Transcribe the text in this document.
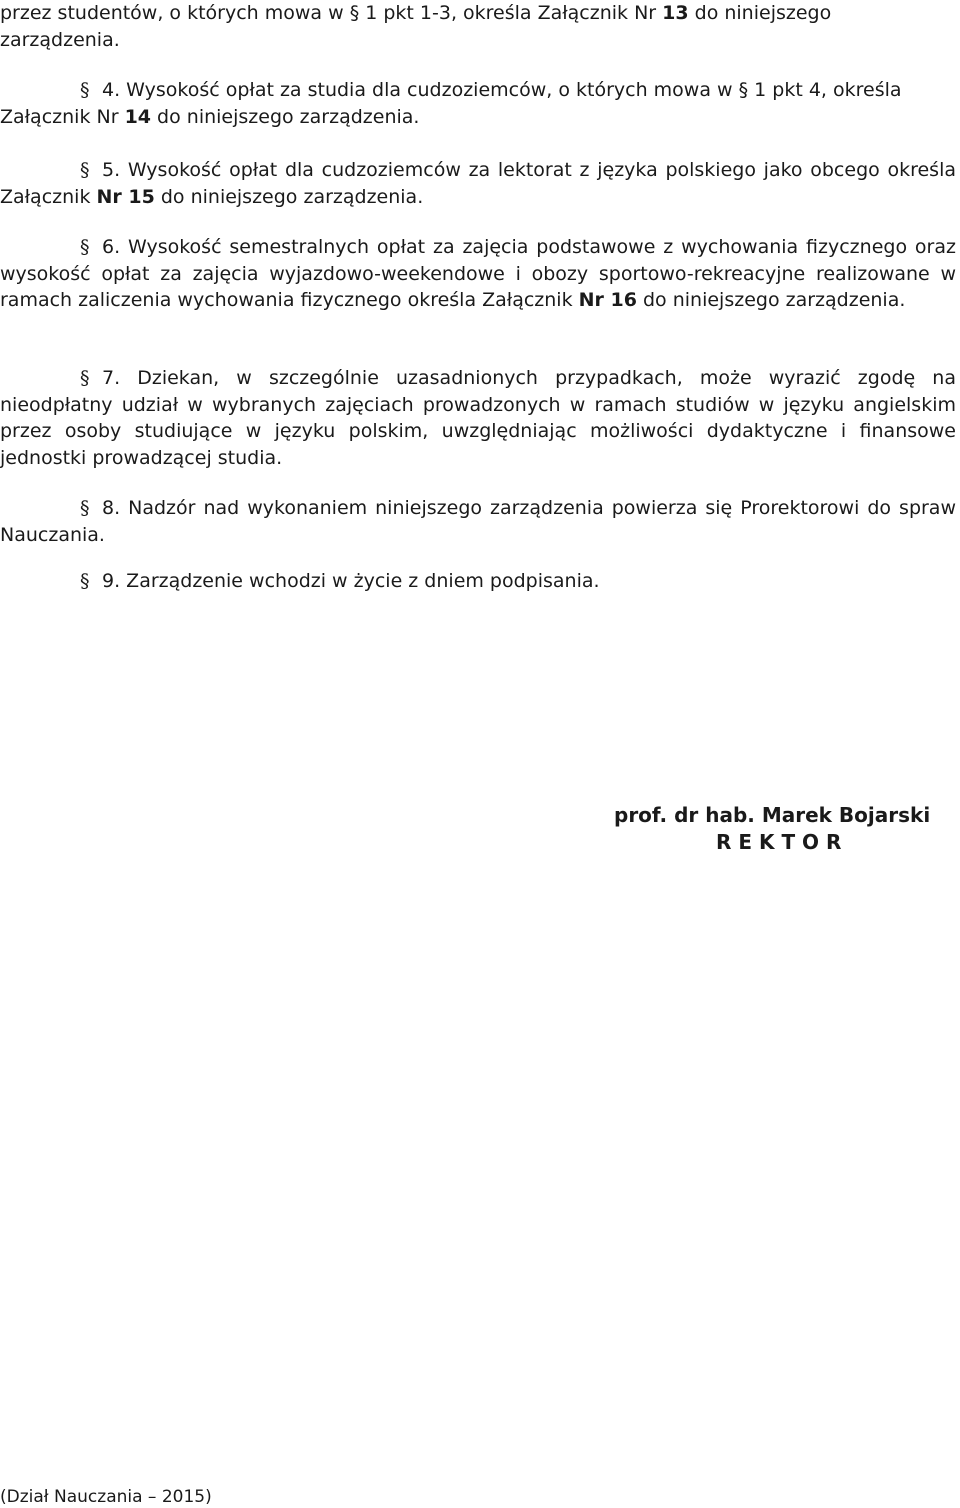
przez studentów, o których mowa w § 1 pkt 1-3, określa Załącznik Nr 13 do niniejszego zarządzenia.

§ 4. Wysokość opłat za studia dla cudzoziemców, o których mowa w § 1 pkt 4, określa Załącznik Nr 14 do niniejszego zarządzenia.

§ 5. Wysokość opłat dla cudzoziemców za lektorat z języka polskiego jako obcego określa Załącznik Nr 15 do niniejszego zarządzenia.

§ 6. Wysokość semestralnych opłat za zajęcia podstawowe z wychowania fizycznego oraz wysokość opłat za zajęcia wyjazdowo-weekendowe i obozy sportowo-rekreacyjne realizowane w ramach zaliczenia wychowania fizycznego określa Załącznik Nr 16 do niniejszego zarządzenia.

§ 7. Dziekan, w szczególnie uzasadnionych przypadkach, może wyrazić zgodę na nieodpłatny udział w wybranych zajęciach prowadzonych w ramach studiów w języku angielskim przez osoby studiujące w języku polskim, uwzględniając możliwości dydaktyczne i finansowe jednostki prowadzącej studia.

§ 8. Nadzór nad wykonaniem niniejszego zarządzenia powierza się Prorektorowi do spraw Nauczania.

§ 9. Zarządzenie wchodzi w życie z dniem podpisania.

prof. dr hab. Marek Bojarski
R E K T O R
(Dział Nauczania – 2015)
